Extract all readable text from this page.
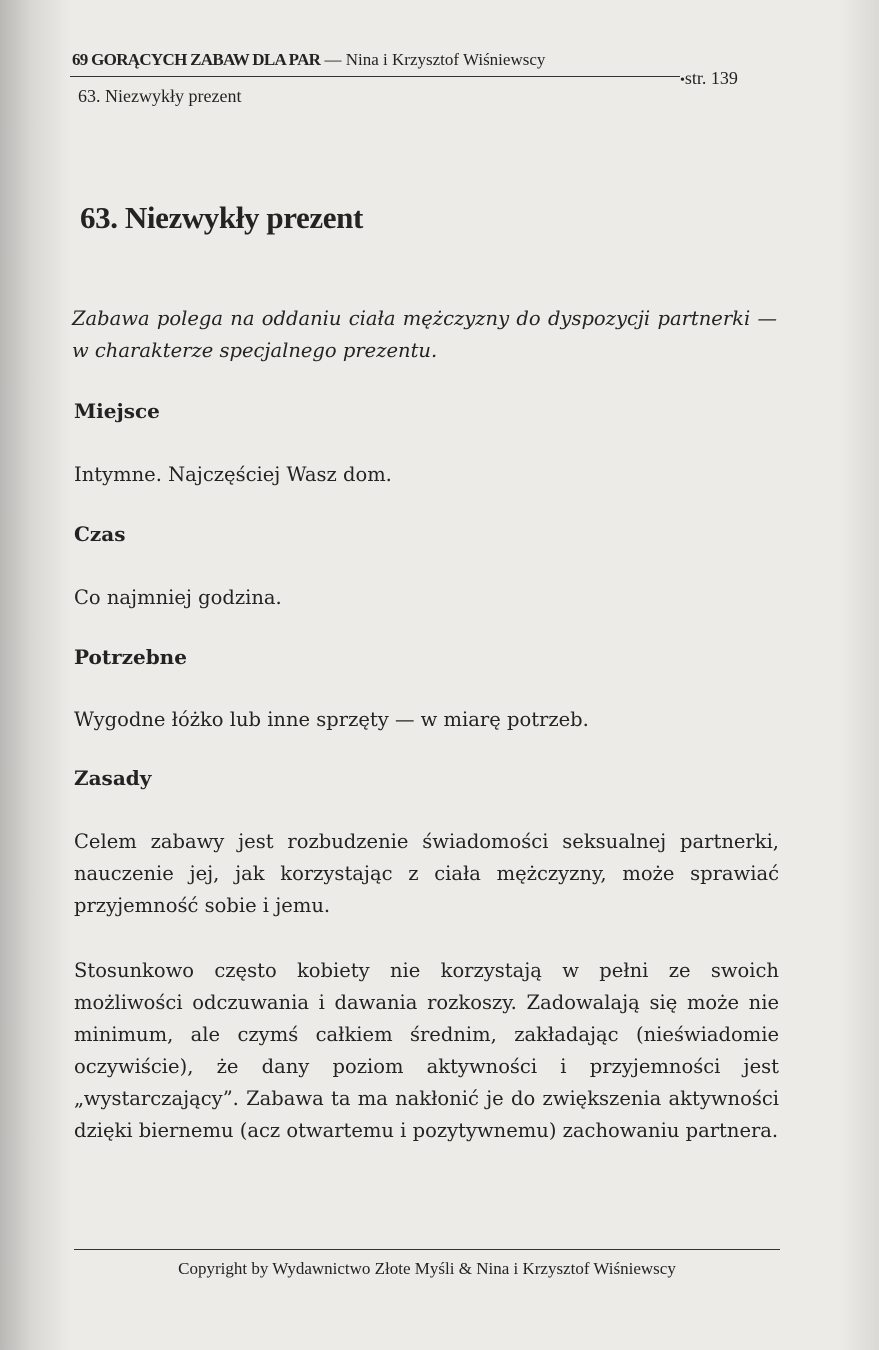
69 GORĄCYCH ZABAW DLA PAR — Nina i Krzysztof Wiśniewscy
•str. 139
63. Niezwykły prezent
63. Niezwykły prezent

Zabawa polega na oddaniu ciała mężczyzny do dyspozycji partnerki — w charakterze specjalnego prezentu.

Miejsce

Intymne. Najczęściej Wasz dom.

Czas

Co najmniej godzina.

Potrzebne

Wygodne łóżko lub inne sprzęty — w miarę potrzeb.

Zasady

Celem zabawy jest rozbudzenie świadomości seksualnej partnerki, nauczenie jej, jak korzystając z ciała mężczyzny, może sprawiać przyjemność sobie i jemu.

Stosunkowo często kobiety nie korzystają w pełni ze swoich możliwości odczuwania i dawania rozkoszy. Zadowalają się może nie minimum, ale czymś całkiem średnim, zakładając (nieświadomie oczywiście), że dany poziom aktywności i przyjemności jest „wystarczający”. Zabawa ta ma nakłonić je do zwiększenia aktywności dzięki biernemu (acz otwartemu i pozytywnemu) zachowaniu partnera.

Copyright by Wydawnictwo Złote Myśli & Nina i Krzysztof Wiśniewscy
